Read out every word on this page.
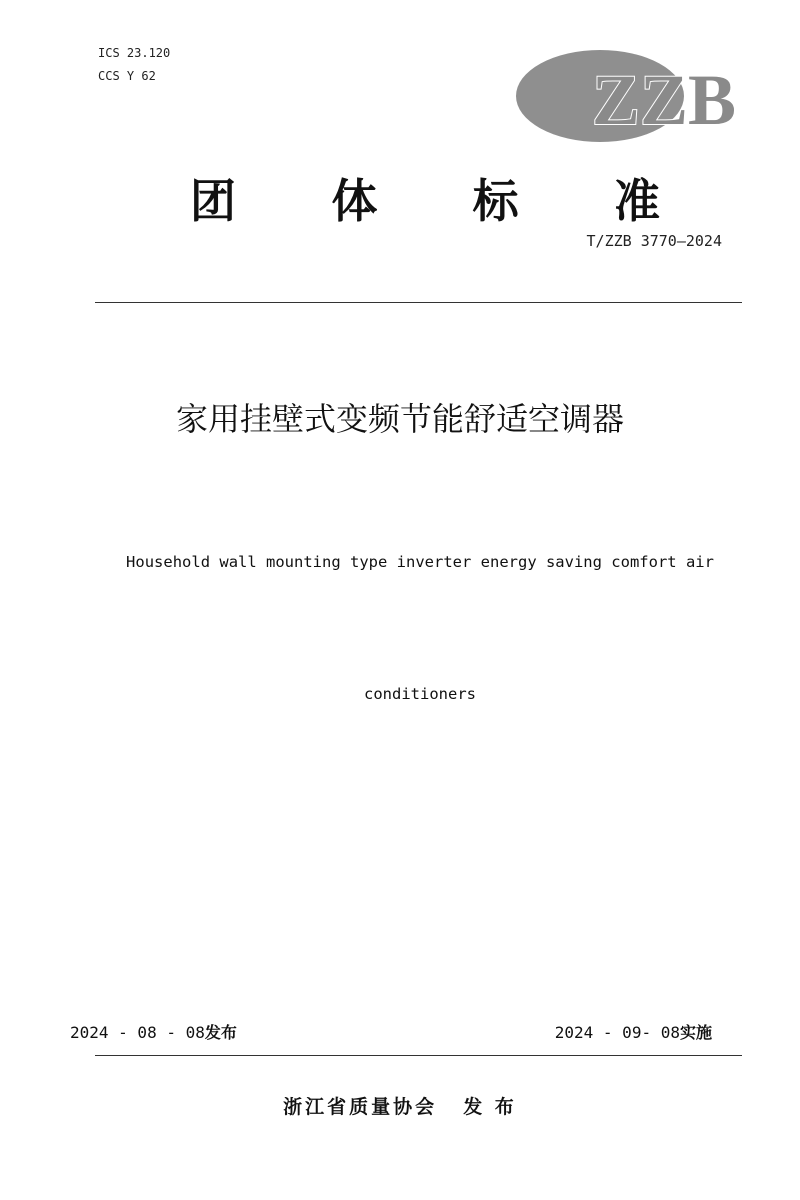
ICS 23.120
CCS Y 62	ZZB
团 体 标 准
T/ZZB 3770—2024
家用挂壁式变频节能舒适空调器

Household wall mounting type inverter energy saving comfort air

conditioners

2024 - 08 - 08发布	2024 - 09- 08实施
浙江省质量协会 发 布
